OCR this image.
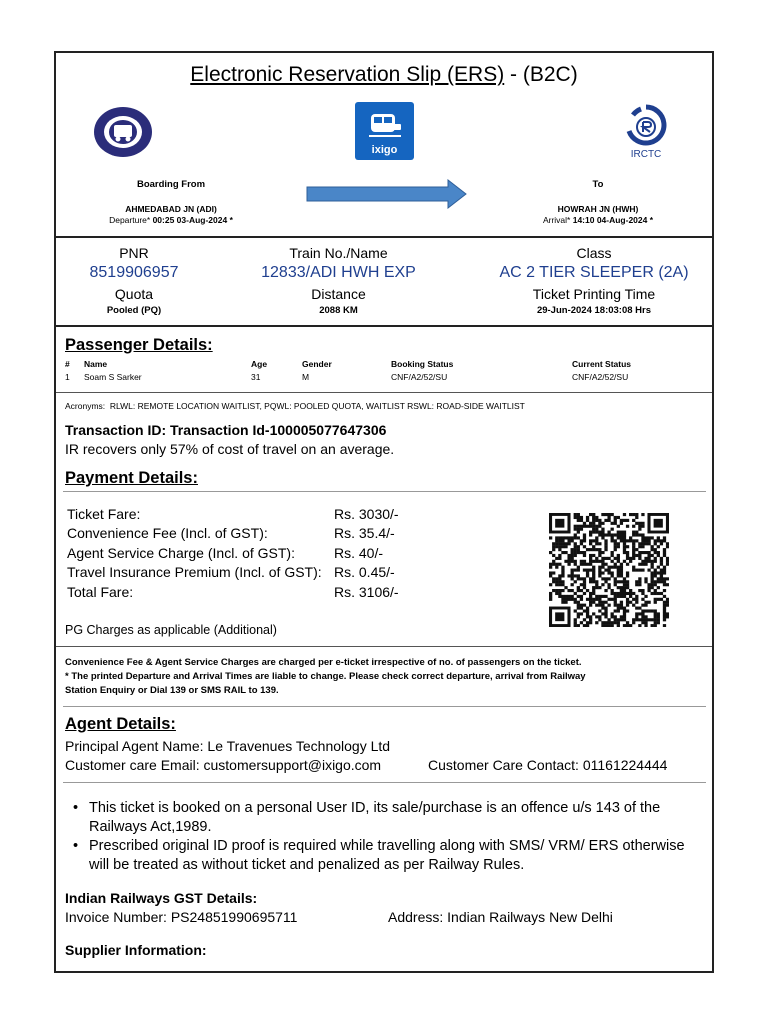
Electronic Reservation Slip (ERS) - (B2C)
ixigo	IRCTC
Boarding From
AHMEDABAD JN (ADI)
Departure* 00:25 03-Aug-2024 *
To
HOWRAH JN (HWH)
Arrival* 14:10 04-Aug-2024 *
PNR
8519906957
Quota
Pooled (PQ)
Train No./Name
12833/ADI HWH EXP
Distance
2088 KM
Class
AC 2 TIER SLEEPER (2A)
Ticket Printing Time
29-Jun-2024 18:03:08 Hrs
Passenger Details:
# Name	Age	Gender	Booking Status	Current Status
1 Soam S Sarker	31	M	CNF/A2/52/SU	CNF/A2/52/SU
Acronyms: RLWL: REMOTE LOCATION WAITLIST, PQWL: POOLED QUOTA, WAITLIST RSWL: ROAD-SIDE WAITLIST
Transaction ID: Transaction Id-100005077647306
IR recovers only 57% of cost of travel on an average.
Payment Details:
Ticket Fare:	Rs. 3030/-
Convenience Fee (Incl. of GST):	Rs. 35.4/-
Agent Service Charge (Incl. of GST):	Rs. 40/-
Travel Insurance Premium (Incl. of GST): Rs. 0.45/-
Total Fare:	Rs. 3106/-
PG Charges as applicable (Additional)
Convenience Fee & Agent Service Charges are charged per e-ticket irrespective of no. of passengers on the ticket.
* The printed Departure and Arrival Times are liable to change. Please check correct departure, arrival from Railway
Station Enquiry or Dial 139 or SMS RAIL to 139.
Agent Details:
Principal Agent Name: Le Travenues Technology Ltd
Customer care Email: customersupport@ixigo.com	Customer Care Contact: 01161224444
• This ticket is booked on a personal User ID, its sale/purchase is an offence u/s 143 of the Railways Act,1989.
• Prescribed original ID proof is required while travelling along with SMS/ VRM/ ERS otherwise will be treated as without ticket and penalized as per Railway Rules.
Indian Railways GST Details:
Invoice Number: PS24851990695711	Address: Indian Railways New Delhi
Supplier Information:
